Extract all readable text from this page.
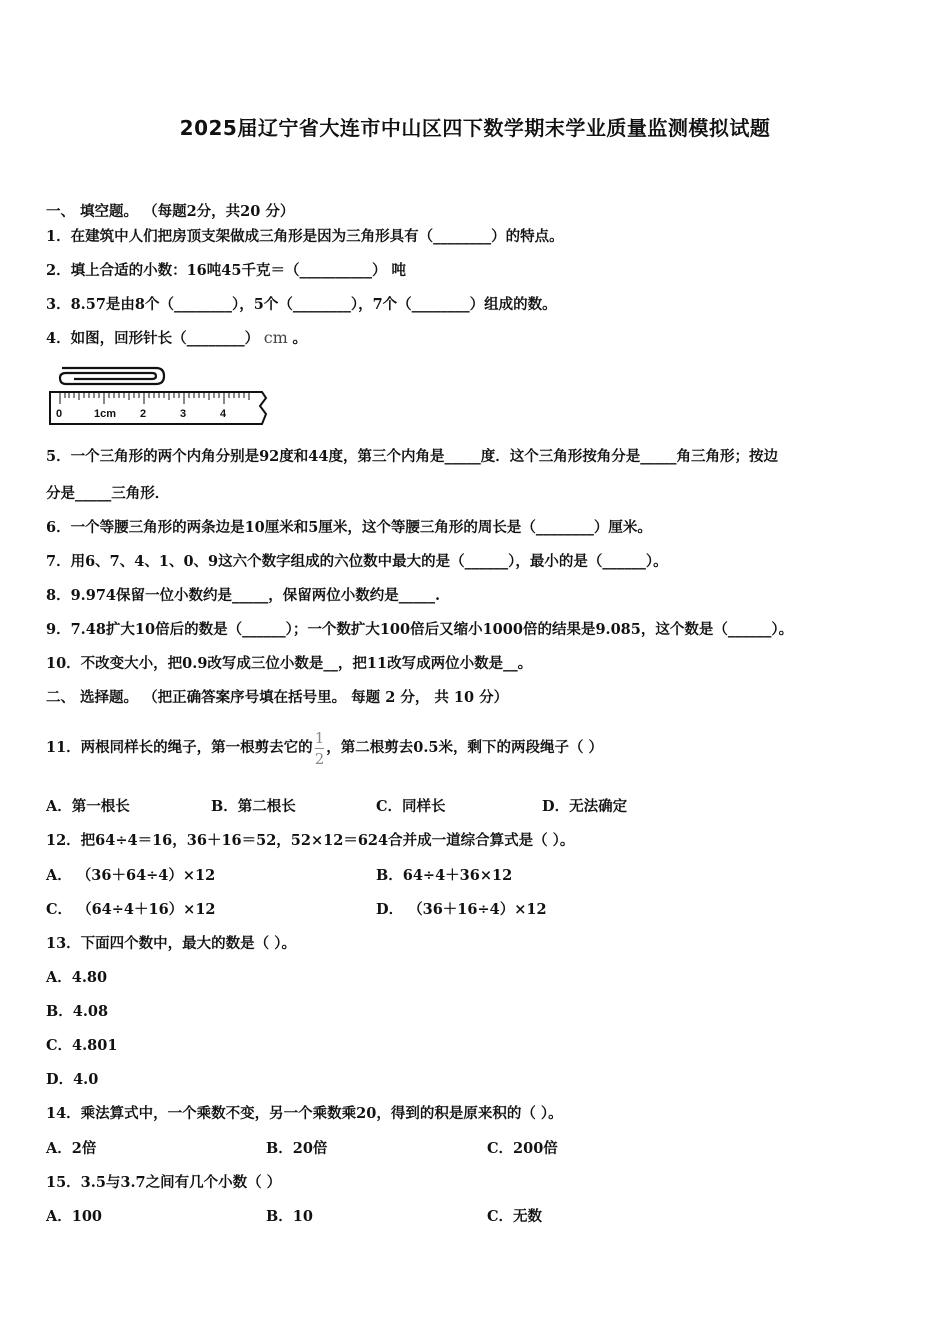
2025届辽宁省大连市中山区四下数学期末学业质量监测模拟试题
一、 填空题。 （每题2分，共20 分）
1．在建筑中人们把房顶支架做成三角形是因为三角形具有（________）的特点。
2．填上合适的小数：16吨45千克＝（__________） 吨
3．8.57是由8个（________），5个（________），7个（________）组成的数。
4．如图，回形针长（________） cm 。
0	1cm 2	3	4
5．一个三角形的两个内角分别是92度和44度，第三个内角是_____度．这个三角形按角分是_____角三角形；按边
分是_____三角形．
6．一个等腰三角形的两条边是10厘米和5厘米，这个等腰三角形的周长是（________）厘米。
7．用6、7、4、1、0、9这六个数字组成的六位数中最大的是（______），最小的是（______）。
8．9.974保留一位小数约是_____，保留两位小数约是_____.
9．7.48扩大10倍后的数是（______）；一个数扩大100倍后又缩小1000倍的结果是9.085，这个数是（______）。
10．不改变大小，把0.9改写成三位小数是__，把11改写成两位小数是__。
二、 选择题。 （把正确答案序号填在括号里。 每题 2 分， 共 10 分）
11．两根同样长的绳子，第一根剪去它的 $\frac{1}{2}$ ，第二根剪去0.5米，剩下的两段绳子（ ）
A．第一根长	B．第二根长	C．同样长	D．无法确定
12．把64÷4＝16，36＋16＝52，52×12＝624合并成一道综合算式是（ ）。
A． （36＋64÷4）×12	B．64÷4＋36×12
C． （64÷4＋16）×12	D． （36＋16÷4）×12
13．下面四个数中，最大的数是（ ）。
A．4.80
B．4.08
C．4.801
D．4.0
14．乘法算式中，一个乘数不变，另一个乘数乘20，得到的积是原来积的（ ）。
A．2倍	B．20倍	C．200倍
15．3.5与3.7之间有几个小数（ ）
A．100	B．10	C．无数
